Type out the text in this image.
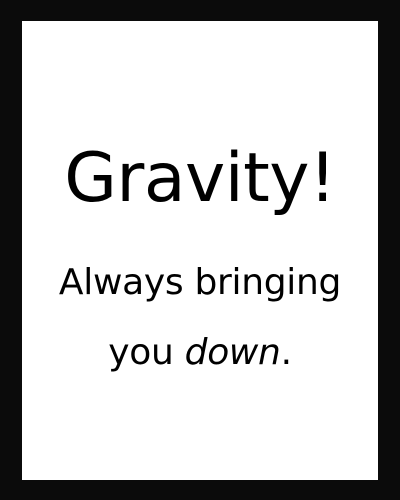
Gravity!
Always bringing
you down.
